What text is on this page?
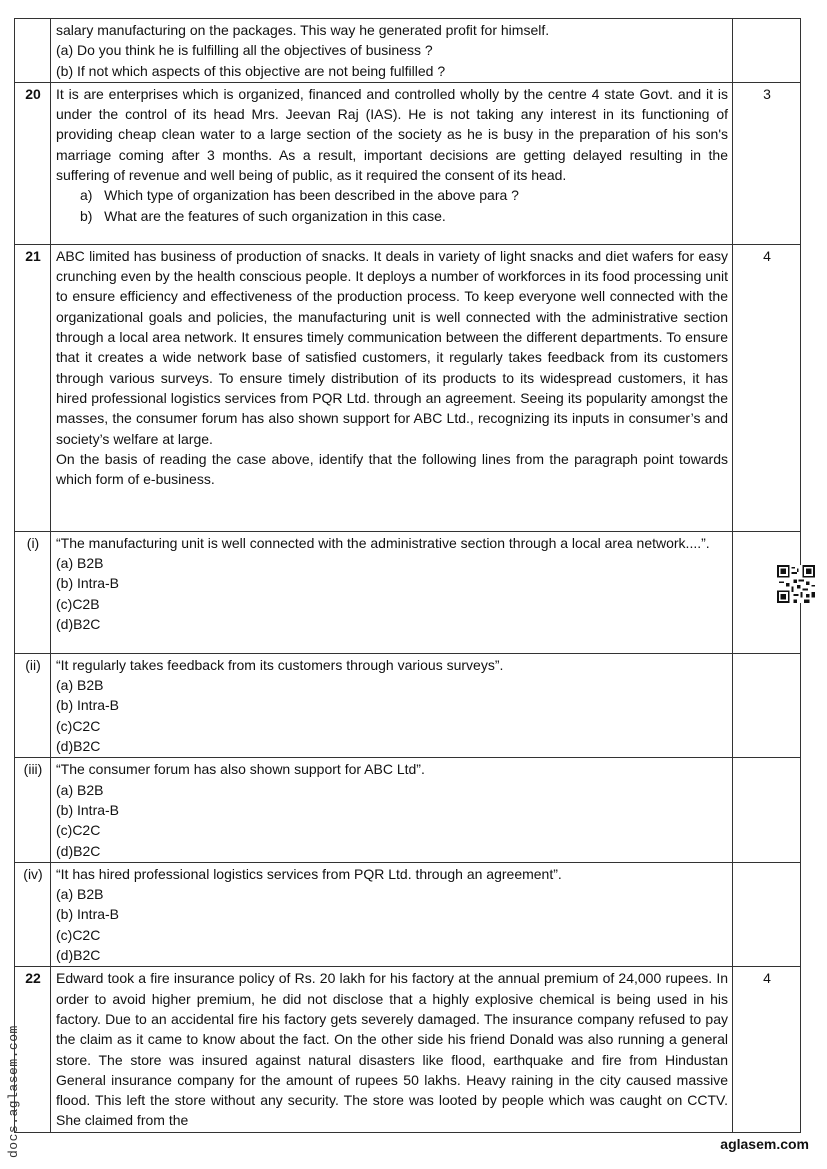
	salary manufacturing on the packages. This way he generated profit for himself.
(a) Do you think he is fulfilling all the objectives of business ?
(b) If not which aspects of this objective are not being fulfilled ?	

20	It is are enterprises which is organized, financed and controlled wholly by the centre 4 state Govt. and it is under the control of its head Mrs. Jeevan Raj (IAS). He is not taking any interest in its functioning of providing cheap clean water to a large section of the society as he is busy in the preparation of his son's marriage coming after 3 months. As a result, important decisions are getting delayed resulting in the suffering of revenue and well being of public, as it required the consent of its head.
a)   Which type of organization has been described in the above para ?
b)   What are the features of such organization in this case.	3
21	ABC limited has business of production of snacks. It deals in variety of light snacks and diet wafers for easy crunching even by the health conscious people. It deploys a number of workforces in its food processing unit to ensure efficiency and effectiveness of the production process. To keep everyone well connected with the organizational goals and policies, the manufacturing unit is well connected with the administrative section through a local area network. It ensures timely communication between the different departments. To ensure that it creates a wide network base of satisfied customers, it regularly takes feedback from its customers through various surveys. To ensure timely distribution of its products to its widespread customers, it has hired professional logistics services from PQR Ltd. through an agreement. Seeing its popularity amongst the masses, the consumer forum has also shown support for ABC Ltd., recognizing its inputs in consumer’s and society’s welfare at large.
On the basis of reading the case above, identify that the following lines from the paragraph point towards which form of e-business.	4
(i)	“The manufacturing unit is well connected with the administrative section through a local area network....”.
(a) B2B
(b) Intra-B
(c)C2B
(d)B2C	

(ii)	“It regularly takes feedback from its customers through various surveys”.
(a) B2B
(b) Intra-B
(c)C2C
(d)B2C	

(iii)	“The consumer forum has also shown support for ABC Ltd”.
(a) B2B
(b) Intra-B
(c)C2C
(d)B2C	

(iv)	“It has hired professional logistics services from PQR Ltd. through an agreement”.
(a) B2B
(b) Intra-B
(c)C2C
(d)B2C	

22	Edward took a fire insurance policy of Rs. 20 lakh for his factory at the annual premium of 24,000 rupees. In order to avoid higher premium, he did not disclose that a highly explosive chemical is being used in his factory. Due to an accidental fire his factory gets severely damaged. The insurance company refused to pay the claim as it came to know about the fact. On the other side his friend Donald was also running a general store. The store was insured against natural disasters like flood, earthquake and fire from Hindustan General insurance company for the amount of rupees 50 lakhs. Heavy raining in the city caused massive flood. This left the store without any security. The store was looted by people which was caught on CCTV. She claimed from the	4
docs.aglasem.com	aglasem.com
